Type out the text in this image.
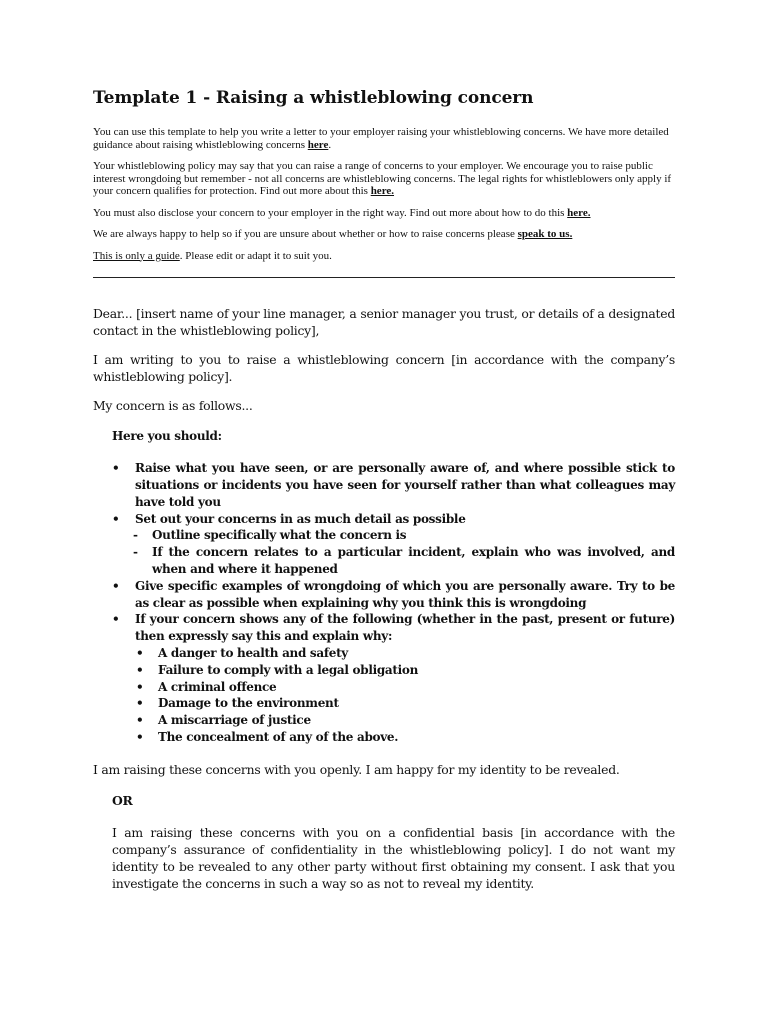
Template 1 - Raising a whistleblowing concern

You can use this template to help you write a letter to your employer raising your whistleblowing concerns. We have more detailed guidance about raising whistleblowing concerns here.

Your whistleblowing policy may say that you can raise a range of concerns to your employer. We encourage you to raise public interest wrongdoing but remember - not all concerns are whistleblowing concerns. The legal rights for whistleblowers only apply if your concern qualifies for protection. Find out more about this here.

You must also disclose your concern to your employer in the right way. Find out more about how to do this here.

We are always happy to help so if you are unsure about whether or how to raise concerns please speak to us.

This is only a guide. Please edit or adapt it to suit you.

Dear... [insert name of your line manager, a senior manager you trust, or details of a designated contact in the whistleblowing policy],

I am writing to you to raise a whistleblowing concern [in accordance with the company’s whistleblowing policy].

My concern is as follows...

Here you should:
• Raise what you have seen, or are personally aware of, and where possible stick to situations or incidents you have seen for yourself rather than what colleagues may have told you
• Set out your concerns in as much detail as possible
- Outline specifically what the concern is
- If the concern relates to a particular incident, explain who was involved, and when and where it happened
• Give specific examples of wrongdoing of which you are personally aware. Try to be as clear as possible when explaining why you think this is wrongdoing
• If your concern shows any of the following (whether in the past, present or future) then expressly say this and explain why:
• A danger to health and safety
• Failure to comply with a legal obligation
• A criminal offence
• Damage to the environment
• A miscarriage of justice
• The concealment of any of the above.

I am raising these concerns with you openly. I am happy for my identity to be revealed.

OR

I am raising these concerns with you on a confidential basis [in accordance with the company’s assurance of confidentiality in the whistleblowing policy]. I do not want my identity to be revealed to any other party without first obtaining my consent. I ask that you investigate the concerns in such a way so as not to reveal my identity.
